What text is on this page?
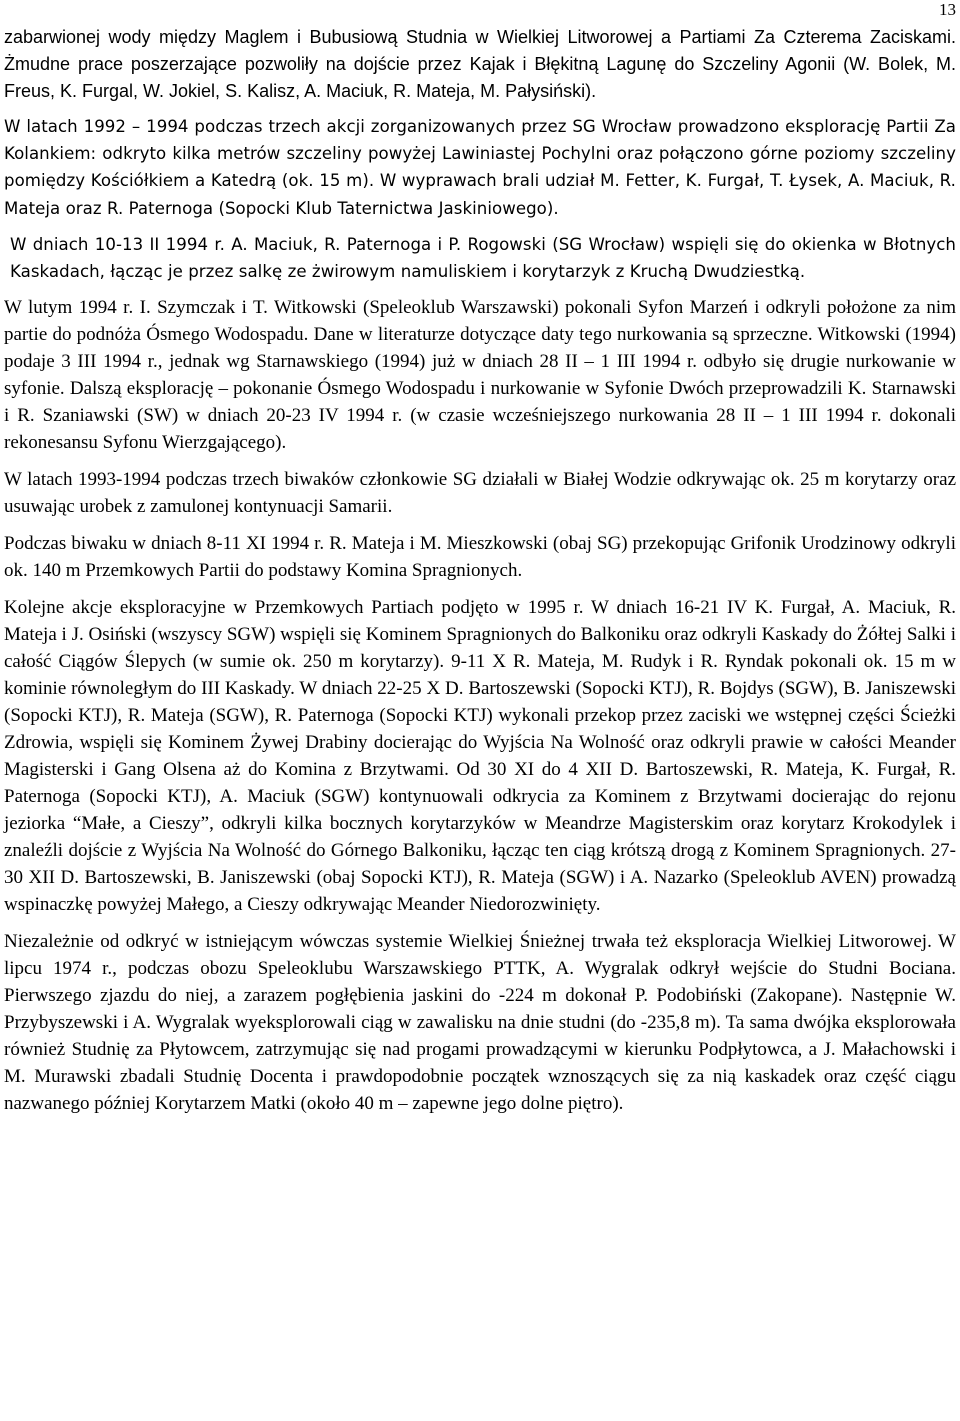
13

zabarwionej wody między Maglem i Bubusiową Studnia w Wielkiej Litworowej a Partiami Za Czterema Zaciskami. Żmudne prace poszerzające pozwoliły na dojście przez Kajak i Błękitną Lagunę do Szczeliny Agonii (W. Bolek, M. Freus, K. Furgal, W. Jokiel, S. Kalisz, A. Maciuk, R. Mateja, M. Pałysiński).

W latach 1992 – 1994 podczas trzech akcji zorganizowanych przez SG Wrocław prowadzono eksplorację Partii Za Kolankiem: odkryto kilka metrów szczeliny powyżej Lawiniastej Pochylni oraz połączono górne poziomy szczeliny pomiędzy Kościółkiem a Katedrą (ok. 15 m). W wyprawach brali udział M. Fetter, K. Furgał, T. Łysek, A. Maciuk, R. Mateja oraz R. Paternoga (Sopocki Klub Taternictwa Jaskiniowego).

W dniach 10-13 II 1994 r. A. Maciuk, R. Paternoga i P. Rogowski (SG Wrocław) wspięli się do okienka w Błotnych Kaskadach, łącząc je przez salkę ze żwirowym namuliskiem i korytarzyk z Kruchą Dwudziestką.

W lutym 1994 r. I. Szymczak i T. Witkowski (Speleoklub Warszawski) pokonali Syfon Marzeń i odkryli położone za nim partie do podnóża Ósmego Wodospadu. Dane w literaturze dotyczące daty tego nurkowania są sprzeczne. Witkowski (1994) podaje 3 III 1994 r., jednak wg Starnawskiego (1994) już w dniach 28 II – 1 III 1994 r. odbyło się drugie nurkowanie w syfonie. Dalszą eksplorację – pokonanie Ósmego Wodospadu i nurkowanie w Syfonie Dwóch przeprowadzili K. Starnawski i R. Szaniawski (SW) w dniach 20-23 IV 1994 r. (w czasie wcześniejszego nurkowania 28 II – 1 III 1994 r. dokonali rekonesansu Syfonu Wierzgającego).

W latach 1993-1994 podczas trzech biwaków członkowie SG działali w Białej Wodzie odkrywając ok. 25 m korytarzy oraz usuwając urobek z zamulonej kontynuacji Samarii.

Podczas biwaku w dniach 8-11 XI 1994 r. R. Mateja i M. Mieszkowski (obaj SG) przekopując Grifonik Urodzinowy odkryli ok. 140 m Przemkowych Partii do podstawy Komina Spragnionych.

Kolejne akcje eksploracyjne w Przemkowych Partiach podjęto w 1995 r. W dniach 16-21 IV K. Furgał, A. Maciuk, R. Mateja i J. Osiński (wszyscy SGW) wspięli się Kominem Spragnionych do Balkoniku oraz odkryli Kaskady do Żółtej Salki i całość Ciągów Ślepych (w sumie ok. 250 m korytarzy). 9-11 X R. Mateja, M. Rudyk i R. Ryndak pokonali ok. 15 m w kominie równoległym do III Kaskady. W dniach 22-25 X D. Bartoszewski (Sopocki KTJ), R. Bojdys (SGW), B. Janiszewski (Sopocki KTJ), R. Mateja (SGW), R. Paternoga (Sopocki KTJ) wykonali przekop przez zaciski we wstępnej części Ścieżki Zdrowia, wspięli się Kominem Żywej Drabiny docierając do Wyjścia Na Wolność oraz odkryli prawie w całości Meander Magisterski i Gang Olsena aż do Komina z Brzytwami. Od 30 XI do 4 XII D. Bartoszewski, R. Mateja, K. Furgał, R. Paternoga (Sopocki KTJ), A. Maciuk (SGW) kontynuowali odkrycia za Kominem z Brzytwami docierając do rejonu jeziorka “Małe, a Cieszy”, odkryli kilka bocznych korytarzyków w Meandrze Magisterskim oraz korytarz Krokodylek i znaleźli dojście z Wyjścia Na Wolność do Górnego Balkoniku, łącząc ten ciąg krótszą drogą z Kominem Spragnionych. 27-30 XII D. Bartoszewski, B. Janiszewski (obaj Sopocki KTJ), R. Mateja (SGW) i A. Nazarko (Speleoklub AVEN) prowadzą wspinaczkę powyżej Małego, a Cieszy odkrywając Meander Niedorozwinięty.

Niezależnie od odkryć w istniejącym wówczas systemie Wielkiej Śnieżnej trwała też eksploracja Wielkiej Litworowej. W lipcu 1974 r., podczas obozu Speleoklubu Warszawskiego PTTK, A. Wygralak odkrył wejście do Studni Bociana. Pierwszego zjazdu do niej, a zarazem pogłębienia jaskini do -224 m dokonał P. Podobiński (Zakopane). Następnie W. Przybyszewski i A. Wygralak wyeksplorowali ciąg w zawalisku na dnie studni (do -235,8 m). Ta sama dwójka eksplorowała również Studnię za Płytowcem, zatrzymując się nad progami prowadzącymi w kierunku Podpłytowca, a J. Małachowski i M. Murawski zbadali Studnię Docenta i prawdopodobnie początek wznoszących się za nią kaskadek oraz część ciągu nazwanego później Korytarzem Matki (około 40 m – zapewne jego dolne piętro).
